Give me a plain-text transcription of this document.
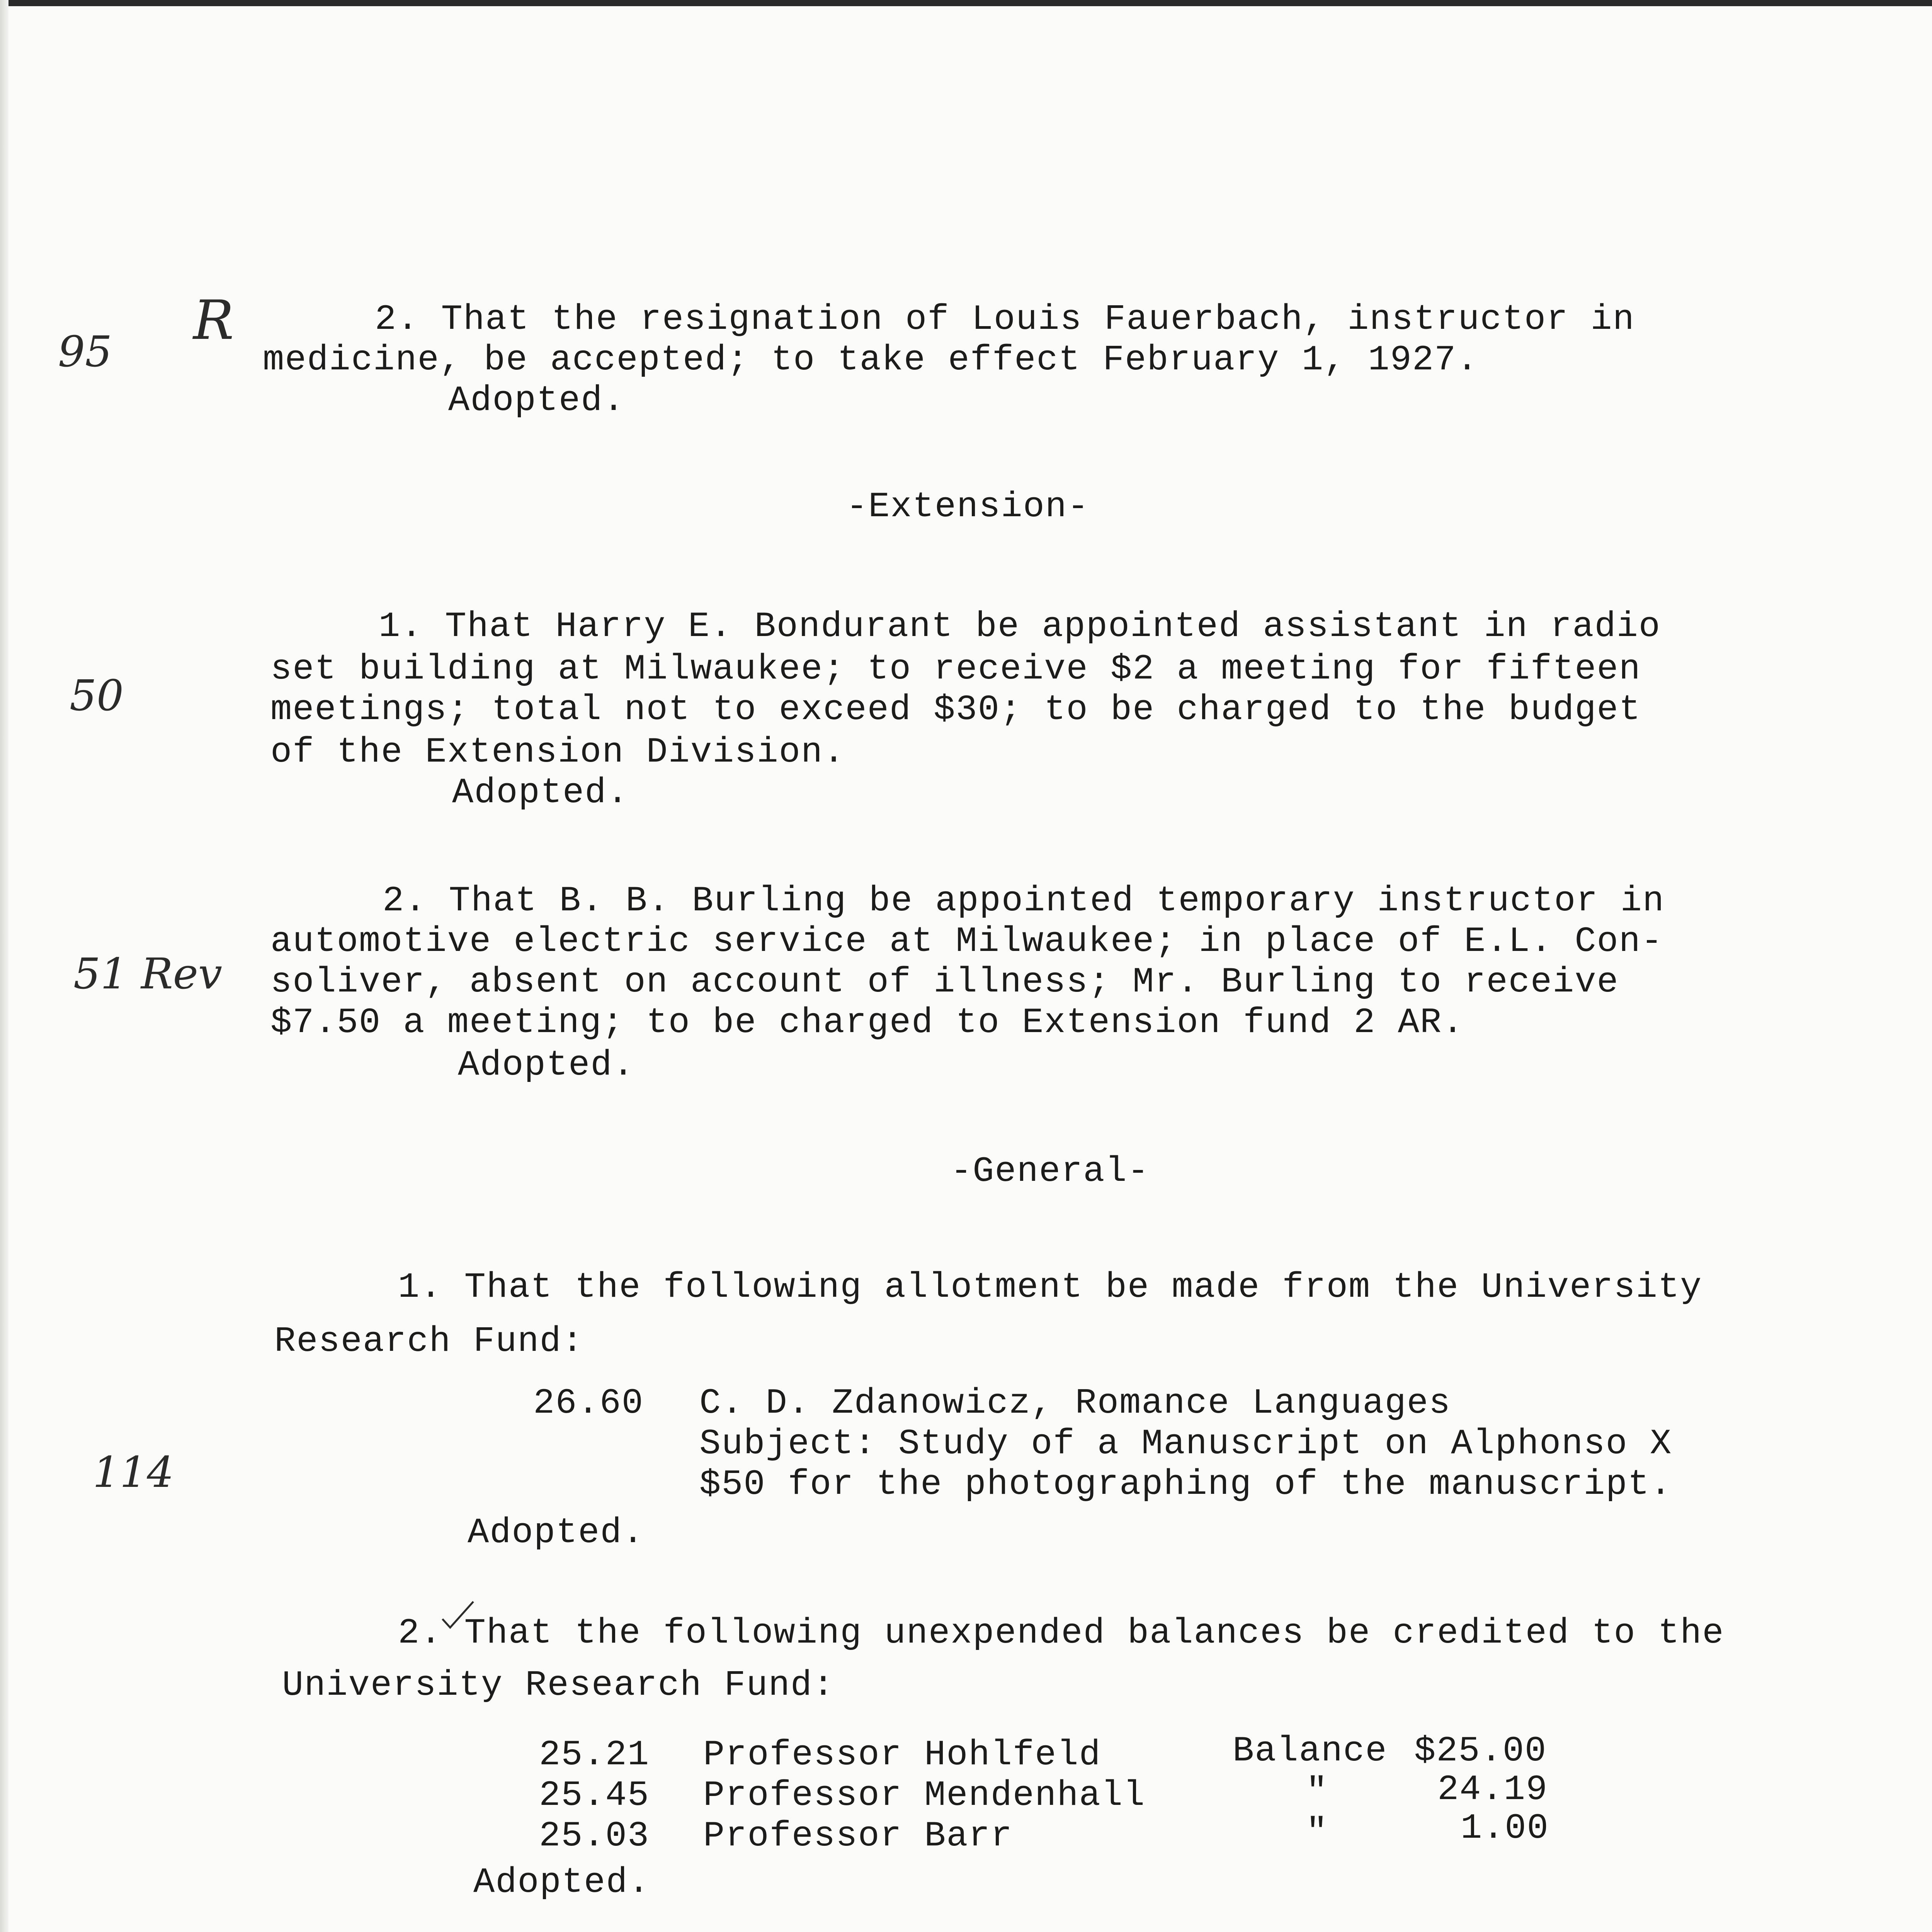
95 R
50
51 Rev
114
2. That the resignation of Louis Fauerbach, instructor in
medicine, be accepted; to take effect February 1, 1927.
Adopted.
-Extension-
1. That Harry E. Bondurant be appointed assistant in radio
set building at Milwaukee; to receive $2 a meeting for fifteen
meetings; total not to exceed $30; to be charged to the budget
of the Extension Division.
Adopted.
2. That B. B. Burling be appointed temporary instructor in
automotive electric service at Milwaukee; in place of E.L. Con-
soliver, absent on account of illness; Mr. Burling to receive
$7.50 a meeting; to be charged to Extension fund 2 AR.
Adopted.
-General-
1. That the following allotment be made from the University
Research Fund:
26.60 C. D. Zdanowicz, Romance Languages
Subject: Study of a Manuscript on Alphonso X
$50 for the photographing of the manuscript.
Adopted.
2. That the following unexpended balances be credited to the
University Research Fund:
25.21 Professor Hohlfeld	Balance $25.00
25.45 Professor Mendenhall	"	24.19
25.03 Professor Barr	"	1.00
Adopted.
